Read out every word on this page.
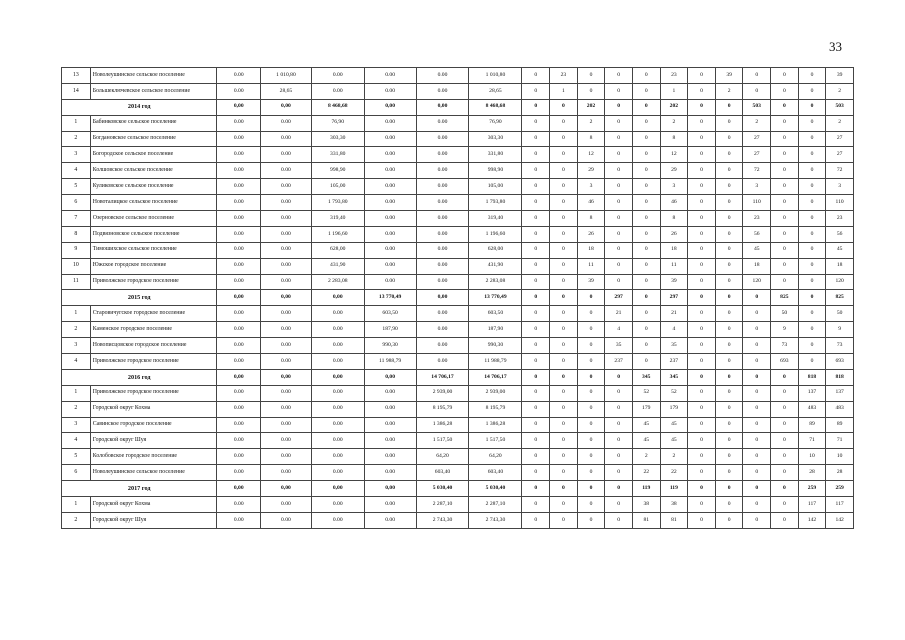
33
13	Новолеушинское сельское поселение	0.00	1 010,80	0.00	0.00	0.00	1 010,80	0	23	0	0	0	23	0	39	0	0	0	39
14	Большеключевское сельское поселение	0.00	28,65	0.00	0.00	0.00	28,65	0	1	0	0	0	1	0	2	0	0	0	2
2014 год		0,00	0,00	8 468,68	0,00	0,00	8 468,68	0	0	202	0	0	202	0	0	503	0	0	503
1	Бабинковское сельское поселение	0.00	0.00	76,90	0.00	0.00	76,90	0	0	2	0	0	2	0	0	2	0	0	2
2	Богдановское сельское поселение	0.00	0.00	303,30	0.00	0.00	303,30	0	0	8	0	0	8	0	0	27	0	0	27
3	Богородское сельское поселение	0.00	0.00	331,80	0.00	0.00	331,80	0	0	12	0	0	12	0	0	27	0	0	27
4	Колшовское сельское поселение	0.00	0.00	998,90	0.00	0.00	998,90	0	0	29	0	0	29	0	0	72	0	0	72
5	Куликовское сельское поселение	0.00	0.00	105,00	0.00	0.00	105,00	0	0	3	0	0	3	0	0	3	0	0	3
6	Новоталицкое сельское поселение	0.00	0.00	1 793,80	0.00	0.00	1 793,80	0	0	46	0	0	46	0	0	110	0	0	110
7	Озерновское сельское поселение	0.00	0.00	319,40	0.00	0.00	319,40	0	0	8	0	0	8	0	0	23	0	0	23
8	Подвязновское сельское поселение	0.00	0.00	1 196,60	0.00	0.00	1 196,60	0	0	26	0	0	26	0	0	56	0	0	56
9	Тимошихское сельское поселение	0.00	0.00	628,00	0.00	0.00	628,00	0	0	18	0	0	18	0	0	45	0	0	45
10	Южское городское поселение	0.00	0.00	431,90	0.00	0.00	431,90	0	0	11	0	0	11	0	0	18	0	0	18
11	Приволжское городское поселение	0.00	0.00	2 283,08	0.00	0.00	2 283,08	0	0	39	0	0	39	0	0	120	0	0	120
2015 год		0,00	0,00	0,00	13 770,49	0,00	13 770,49	0	0	0	297	0	297	0	0	0	825	0	825
1	Старовичугское городское поселение	0.00	0.00	0.00	603,50	0.00	603,50	0	0	0	21	0	21	0	0	0	50	0	50
2	Каменское городское поселение	0.00	0.00	0.00	187,90	0.00	187,90	0	0	0	4	0	4	0	0	0	9	0	9
3	Новописцовское городское поселение	0.00	0.00	0.00	990,30	0.00	990,30	0	0	0	35	0	35	0	0	0	73	0	73
4	Приволжское городское поселение	0.00	0.00	0.00	11 988,79	0.00	11 988,79	0	0	0	237	0	237	0	0	0	693	0	693
2016 год		0,00	0,00	0,00	0,00	14 706,17	14 706,17	0	0	0	0	345	345	0	0	0	0	818	818
1	Приволжское городское поселение	0.00	0.00	0.00	0.00	2 939,00	2 939,00	0	0	0	0	52	52	0	0	0	0	137	137
2	Городской округ Кохма	0.00	0.00	0.00	0.00	8 195,79	8 195,79	0	0	0	0	179	179	0	0	0	0	483	483
3	Савинское городское поселение	0.00	0.00	0.00	0.00	1 386,28	1 386,28	0	0	0	0	45	45	0	0	0	0	89	89
4	Городской округ Шуя	0.00	0.00	0.00	0.00	1 517,50	1 517,50	0	0	0	0	45	45	0	0	0	0	71	71
5	Колобовское городское поселение	0.00	0.00	0.00	0.00	64,20	64,20	0	0	0	0	2	2	0	0	0	0	10	10
6	Новолеушинское сельское поселение	0.00	0.00	0.00	0.00	603,40	603,40	0	0	0	0	22	22	0	0	0	0	28	28
2017 год		0,00	0,00	0,00	0,00	5 030,40	5 030,40	0	0	0	0	119	119	0	0	0	0	259	259
1	Городской округ Кохма	0.00	0.00	0.00	0.00	2 287,10	2 287,10	0	0	0	0	38	38	0	0	0	0	117	117
2	Городской округ Шуя	0.00	0.00	0.00	0.00	2 743,30	2 743,30	0	0	0	0	81	81	0	0	0	0	142	142
